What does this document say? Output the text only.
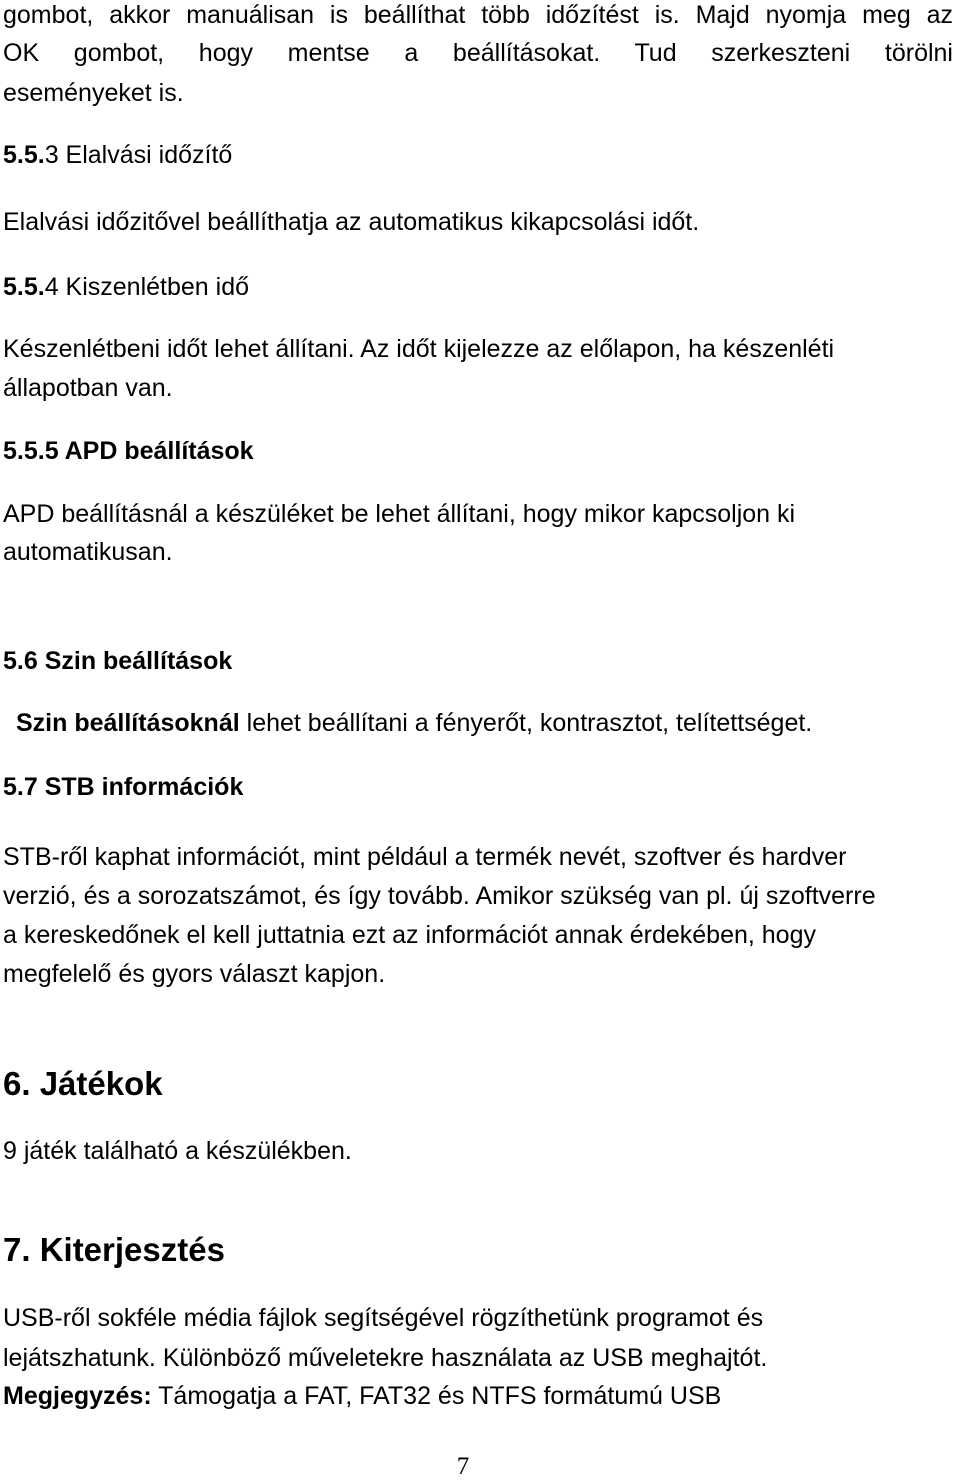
gombot, akkor manuálisan is beállíthat több időzítést is. Majd nyomja meg az

OK gombot, hogy mentse a beállításokat. Tud szerkeszteni törölni

eseményeket is.

5.5.3 Elalvási időzítő

Elalvási időzitővel beállíthatja az automatikus kikapcsolási időt.

5.5.4 Kiszenlétben idő

Készenlétbeni időt lehet állítani. Az időt kijelezze az előlapon, ha készenléti

állapotban van.

5.5.5 APD beállítások

APD beállításnál a készüléket be lehet állítani, hogy mikor kapcsoljon ki

automatikusan.

5.6 Szin beállítások

Szin beállításoknál lehet beállítani a fényerőt, kontrasztot, telítettséget.

5.7 STB információk

STB-ről kaphat információt, mint például a termék nevét, szoftver és hardver

verzió, és a sorozatszámot, és így tovább. Amikor szükség van pl. új szoftverre

a kereskedőnek el kell juttatnia ezt az információt annak érdekében, hogy

megfelelő és gyors választ kapjon.

6. Játékok

9 játék található a készülékben.

7. Kiterjesztés

USB-ről sokféle média fájlok segítségével rögzíthetünk programot és

lejátszhatunk. Különböző műveletekre használata az USB meghajtót.

Megjegyzés: Támogatja a FAT, FAT32 és NTFS formátumú USB

7
